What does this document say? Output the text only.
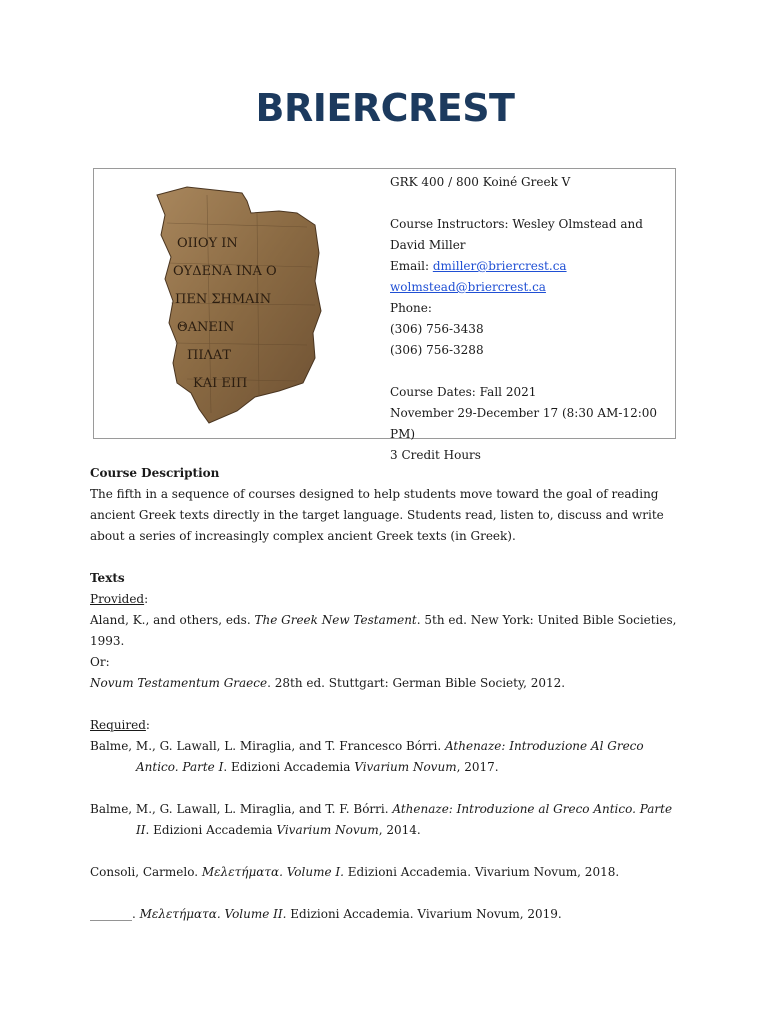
BRIERCREST
ΟΙΙΟΥ ΙΝ
ΟΥΔΕΝΑ ΙΝΑ Ο
ΠΕΝ ΣΗΜΑΙΝ
ΘΑΝΕΙΝ
ΠΙΛΑΤ
ΚΑΙ ΕΙΠ

GRK 400 / 800 Koiné Greek V

Course Instructors: Wesley Olmstead and David Miller

Email: dmiller@briercrest.ca

wolmstead@briercrest.ca

Phone:

(306) 756-3438

(306) 756-3288

Course Dates: Fall 2021

November 29-December 17 (8:30 AM-12:00 PM)

3 Credit Hours

Course Description

The fifth in a sequence of courses designed to help students move toward the goal of reading ancient Greek texts directly in the target language. Students read, listen to, discuss and write about a series of increasingly complex ancient Greek texts (in Greek).

Texts

Provided:

Aland, K., and others, eds. The Greek New Testament. 5th ed. New York: United Bible Societies, 1993.

Or:

Novum Testamentum Graece. 28th ed. Stuttgart: German Bible Society, 2012.

Required:

Balme, M., G. Lawall, L. Miraglia, and T. Francesco Bórri. Athenaze: Introduzione Al Greco Antico. Parte I. Edizioni Accademia Vivarium Novum, 2017.

Balme, M., G. Lawall, L. Miraglia, and T. F. Bórri. Athenaze: Introduzione al Greco Antico. Parte II. Edizioni Accademia Vivarium Novum, 2014.

Consoli, Carmelo. Μελετήματα. Volume I. Edizioni Accademia. Vivarium Novum, 2018.

_______. Μελετήματα. Volume II. Edizioni Accademia. Vivarium Novum, 2019.
